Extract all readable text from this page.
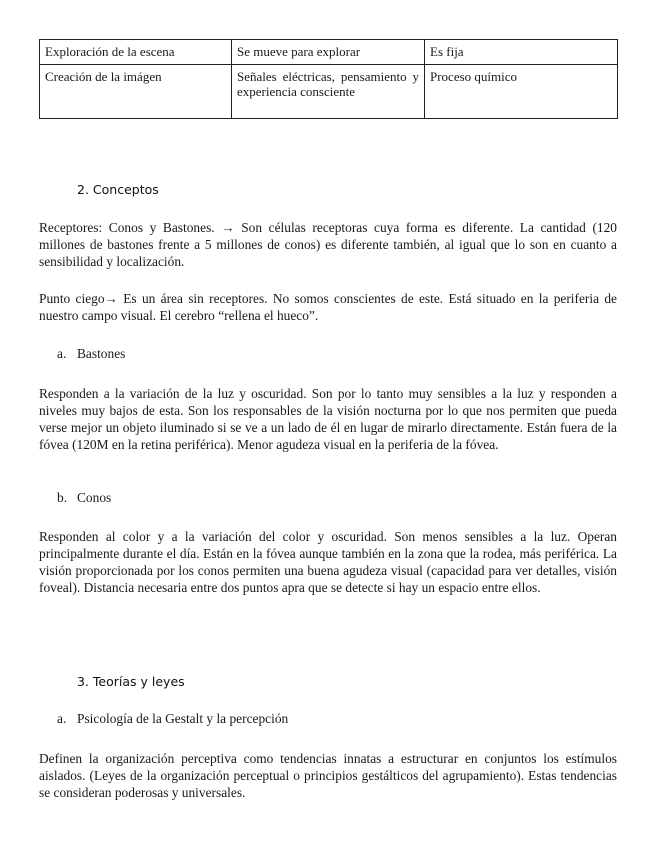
Exploración de la escena	Se mueve para explorar	Es fija
Creación de la imágen	Señales eléctricas, pensamiento y experiencia consciente	Proceso químico
2. Conceptos

Receptores: Conos y Bastones. → Son células receptoras cuya forma es diferente. La cantidad (120 millones de bastones frente a 5 millones de conos) es diferente también, al igual que lo son en cuanto a sensibilidad y localización.

Punto ciego→ Es un área sin receptores. No somos conscientes de este. Está situado en la periferia de nuestro campo visual. El cerebro “rellena el hueco”.

a. Bastones

Responden a la variación de la luz y oscuridad. Son por lo tanto muy sensibles a la luz y responden a niveles muy bajos de esta. Son los responsables de la visión nocturna por lo que nos permiten que pueda verse mejor un objeto iluminado si se ve a un lado de él en lugar de mirarlo directamente. Están fuera de la fóvea (120M en la retina periférica). Menor agudeza visual en la periferia de la fóvea.

b. Conos

Responden al color y a la variación del color y oscuridad. Son menos sensibles a la luz. Operan principalmente durante el día. Están en la fóvea aunque también en la zona que la rodea, más periférica. La visión proporcionada por los conos permiten una buena agudeza visual (capacidad para ver detalles, visión foveal). Distancia necesaria entre dos puntos apra que se detecte si hay un espacio entre ellos.

3. Teorías y leyes
a. Psicología de la Gestalt y la percepción

Definen la organización perceptiva como tendencias innatas a estructurar en conjuntos los estímulos aislados. (Leyes de la organización perceptual o principios gestálticos del agrupamiento). Estas tendencias se consideran poderosas y universales.
